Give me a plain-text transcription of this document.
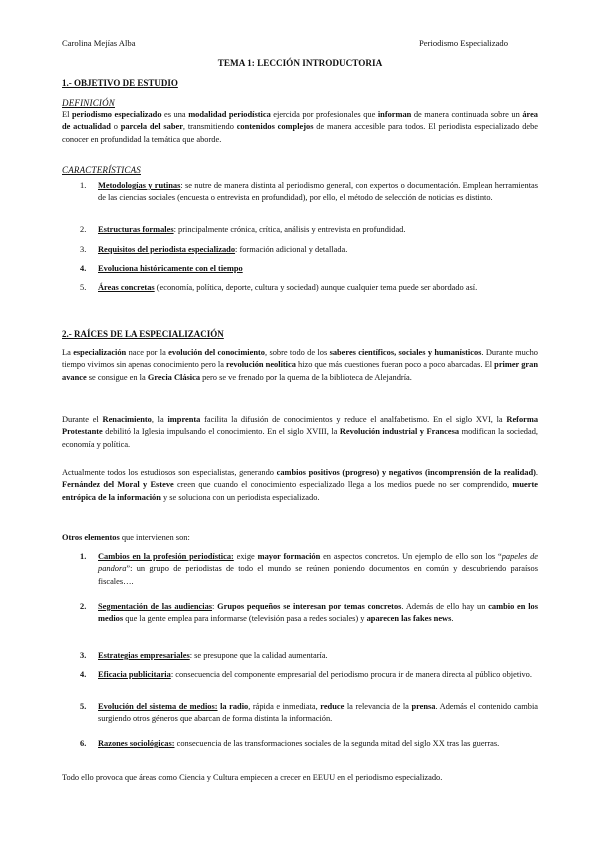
Carolina Mejías Alba	Periodismo Especializado
TEMA 1: LECCIÓN INTRODUCTORIA
1.- OBJETIVO DE ESTUDIO
DEFINICIÓN
El periodismo especializado es una modalidad periodística ejercida por profesionales que informan de manera continuada sobre un área de actualidad o parcela del saber, transmitiendo contenidos complejos de manera accesible para todos. El periodista especializado debe conocer en profundidad la temática que aborde.
CARACTERÍSTICAS
1.	Metodologías y rutinas: se nutre de manera distinta al periodismo general, con expertos o documentación. Emplean herramientas de las ciencias sociales (encuesta o entrevista en profundidad), por ello, el método de selección de noticias es distinto.
2.	Estructuras formales: principalmente crónica, crítica, análisis y entrevista en profundidad.
3.	Requisitos del periodista especializado: formación adicional y detallada.
4.	Evoluciona históricamente con el tiempo
5.	Áreas concretas (economía, política, deporte, cultura y sociedad) aunque cualquier tema puede ser abordado así.
2.- RAÍCES DE LA ESPECIALIZACIÓN
La especialización nace por la evolución del conocimiento, sobre todo de los saberes científicos, sociales y humanísticos. Durante mucho tiempo vivimos sin apenas conocimiento pero la revolución neolítica hizo que más cuestiones fueran poco a poco abarcadas. El primer gran avance se consigue en la Grecia Clásica pero se ve frenado por la quema de la biblioteca de Alejandría.
Durante el Renacimiento, la imprenta facilita la difusión de conocimientos y reduce el analfabetismo. En el siglo XVI, la Reforma Protestante debilitó la Iglesia impulsando el conocimiento. En el siglo XVIII, la Revolución industrial y Francesa modifican la sociedad, economía y política.
Actualmente todos los estudiosos son especialistas, generando cambios positivos (progreso) y negativos (incomprensión de la realidad). Fernández del Moral y Esteve creen que cuando el conocimiento especializado llega a los medios puede no ser comprendido, muerte entrópica de la información y se soluciona con un periodista especializado.
Otros elementos que intervienen son:
1.	Cambios en la profesión periodística: exige mayor formación en aspectos concretos. Un ejemplo de ello son los “papeles de pandora”: un grupo de periodistas de todo el mundo se reúnen poniendo documentos en común y descubriendo paraísos fiscales….
2.	Segmentación de las audiencias: Grupos pequeños se interesan por temas concretos. Además de ello hay un cambio en los medios que la gente emplea para informarse (televisión pasa a redes sociales) y aparecen las fakes news.
3.	Estrategias empresariales: se presupone que la calidad aumentaría.
4.	Eficacia publicitaria: consecuencia del componente empresarial del periodismo procura ir de manera directa al público objetivo.
5.	Evolución del sistema de medios: la radio, rápida e inmediata, reduce la relevancia de la prensa. Además el contenido cambia surgiendo otros géneros que abarcan de forma distinta la información.
6.	Razones sociológicas: consecuencia de las transformaciones sociales de la segunda mitad del siglo XX tras las guerras.
Todo ello provoca que áreas como Ciencia y Cultura empiecen a crecer en EEUU en el periodismo especializado.
